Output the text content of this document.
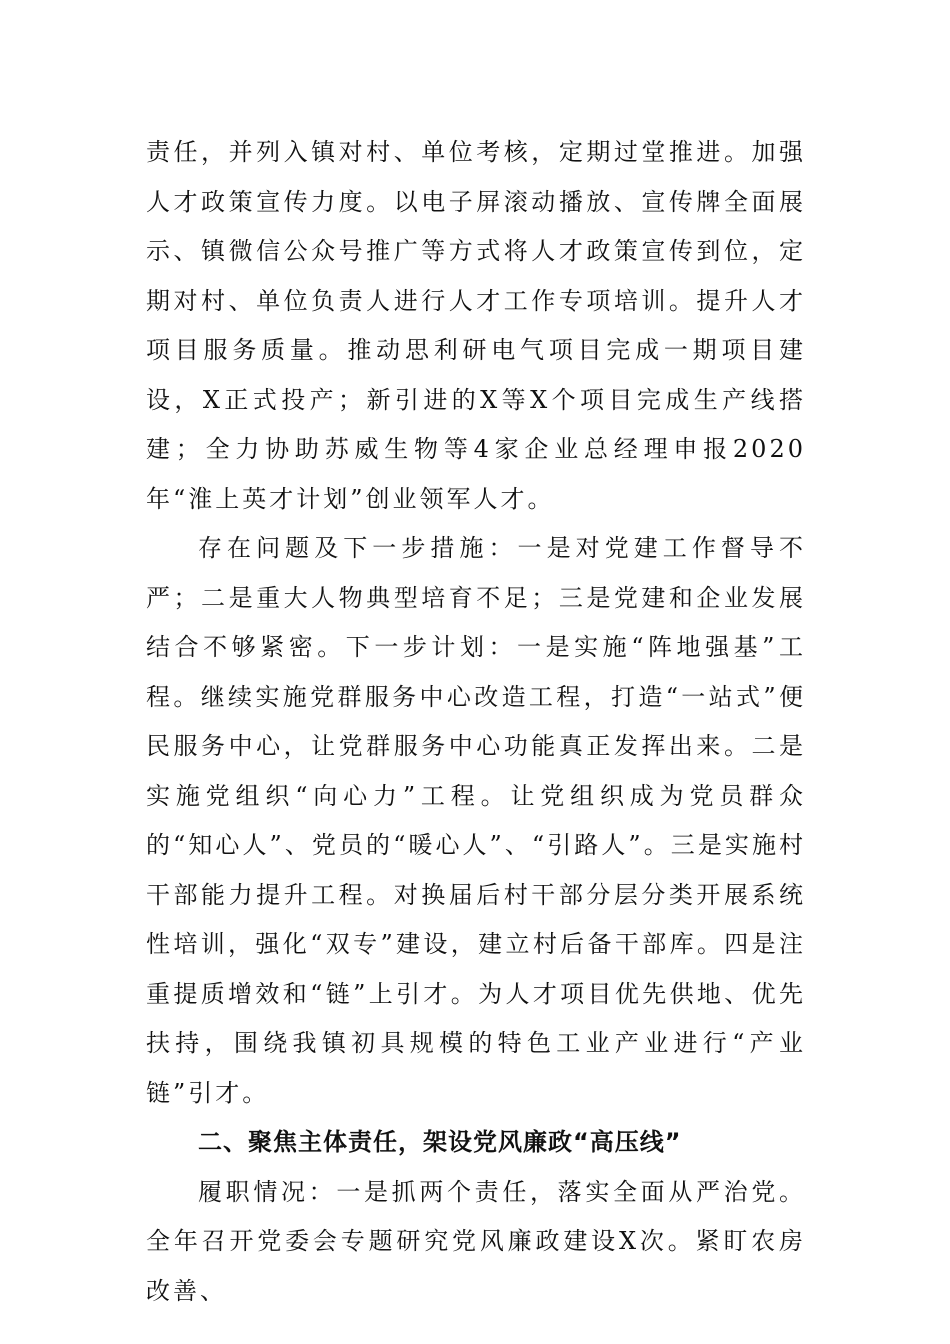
责任，并列入镇对村、单位考核，定期过堂推进。加强人才政策宣传力度。以电子屏滚动播放、宣传牌全面展示、镇微信公众号推广等方式将人才政策宣传到位，定期对村、单位负责人进行人才工作专项培训。提升人才项目服务质量。推动思利研电气项目完成一期项目建设，X正式投产；新引进的X等X个项目完成生产线搭建；全力协助苏威生物等4家企业总经理申报2020年“淮上英才计划”创业领军人才。

存在问题及下一步措施：一是对党建工作督导不严；二是重大人物典型培育不足；三是党建和企业发展结合不够紧密。下一步计划：一是实施“阵地强基”工程。继续实施党群服务中心改造工程，打造“一站式”便民服务中心，让党群服务中心功能真正发挥出来。二是实施党组织“向心力”工程。让党组织成为党员群众的“知心人”、党员的“暖心人”、“引路人”。三是实施村干部能力提升工程。对换届后村干部分层分类开展系统性培训，强化“双专”建设，建立村后备干部库。四是注重提质增效和“链”上引才。为人才项目优先供地、优先扶持，围绕我镇初具规模的特色工业产业进行“产业链”引才。

二、聚焦主体责任，架设党风廉政“高压线”

履职情况：一是抓两个责任，落实全面从严治党。全年召开党委会专题研究党风廉政建设X次。紧盯农房改善、
